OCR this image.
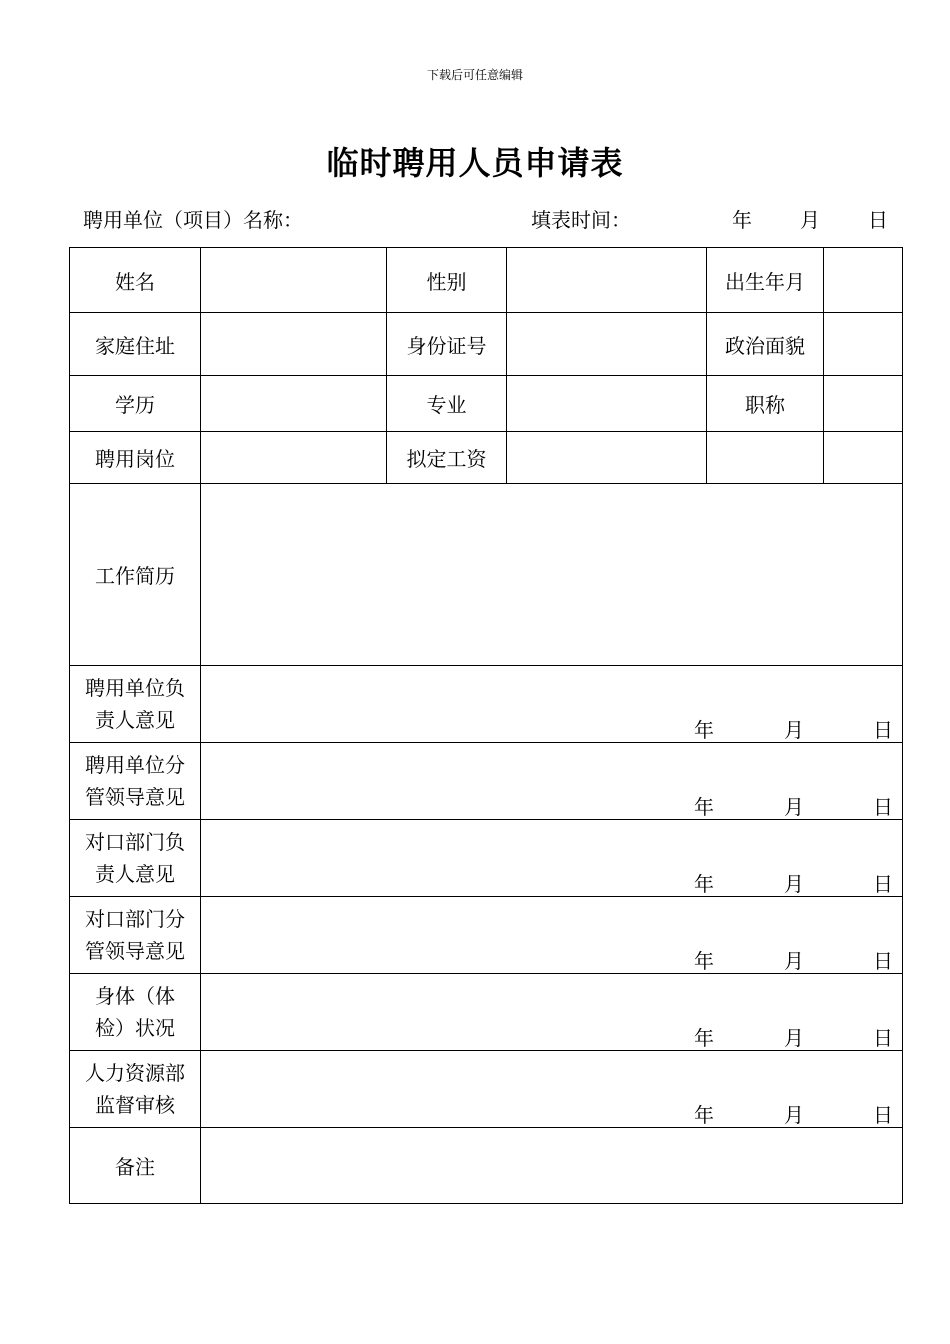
下载后可任意编辑
临时聘用人员申请表
聘用单位（项目）名称：	填表时间：	年 月 日
姓名		性别		出生年月	
家庭住址		身份证号		政治面貌	
学历		专业		职称	
聘用岗位		拟定工资			
工作简历					
聘用单位负
责人意见	年 月 日				

聘用单位分
管领导意见	年 月 日				

对口部门负
责人意见	年 月 日				

对口部门分
管领导意见	年 月 日				

身体（体
检）状况	年 月 日				

人力资源部
监督审核	年 月 日				

备注					
